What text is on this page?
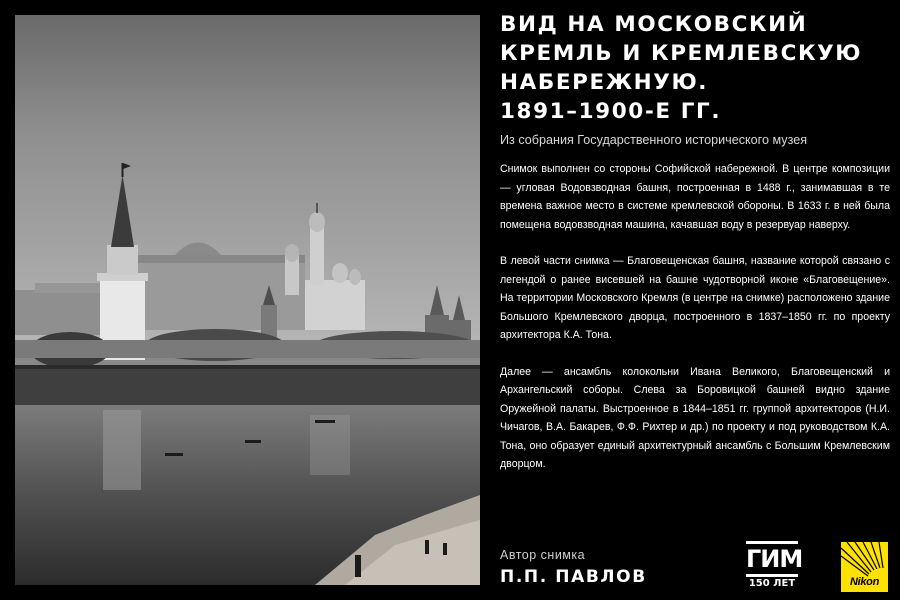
ВИД НА МОСКОВСКИЙ
КРЕМЛЬ И КРЕМЛЕВСКУЮ
НАБЕРЕЖНУЮ.
1891–1900-Е ГГ.
Из собрания Государственного исторического музея

Снимок выполнен со стороны Софийской набережной. В центре композиции — угловая Водовзводная башня, построенная в 1488 г., занимавшая в те времена важное место в системе кремлевской обороны. В 1633 г. в ней была помещена водовзводная машина, качавшая воду в резервуар наверху.

В левой части снимка — Благовещенская башня, название которой связано с легендой о ранее висевшей на башне чудотворной иконе «Благовещение». На территории Московского Кремля (в центре на снимке) расположено здание Большого Кремлевского дворца, построенного в 1837–1850 гг. по проекту архитектора К.А. Тона.

Далее — ансамбль колокольни Ивана Великого, Благовещенский и Архангельский соборы. Слева за Боровицкой башней видно здание Оружейной палаты. Выстроенное в 1844–1851 гг. группой архитекторов (Н.И. Чичагов, В.А. Бакарев, Ф.Ф. Рихтер и др.) по проекту и под руководством К.А. Тона, оно образует единый архитектурный ансамбль с Большим Кремлевским дворцом.

Автор снимка
П.П. ПАВЛОВ
ГИМ
150 ЛЕТ	Nikon
